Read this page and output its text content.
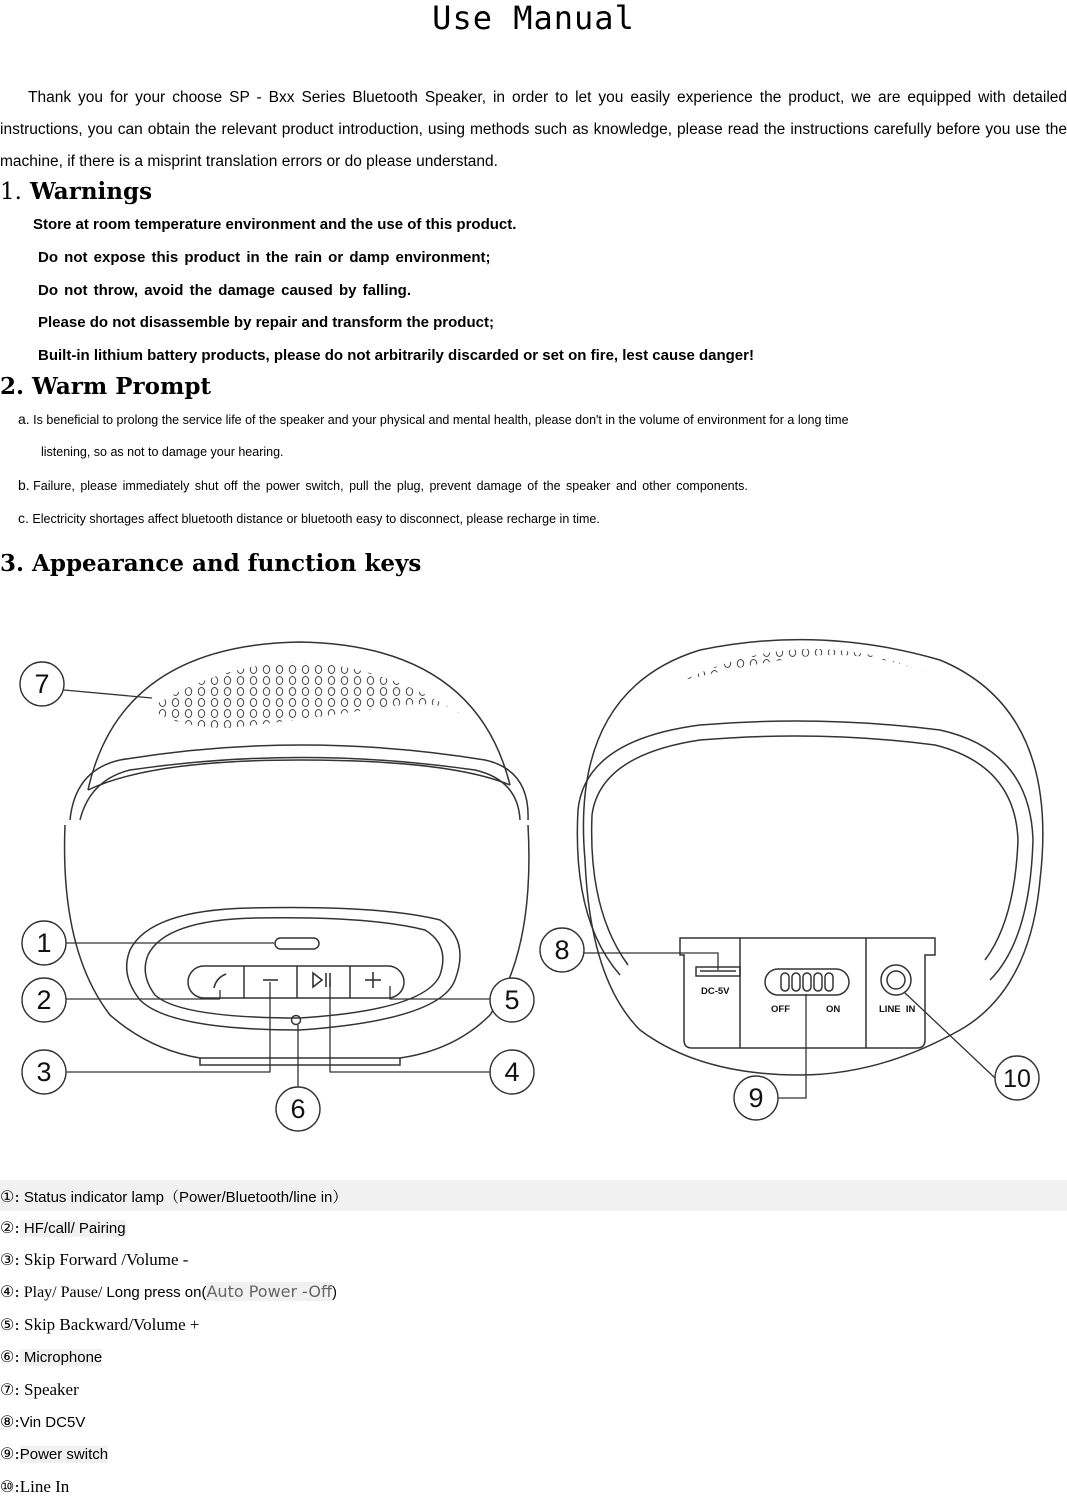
Use Manual
Thank you for your choose SP - Bxx Series Bluetooth Speaker, in order to let you easily experience the product, we are equipped with detailed instructions, you can obtain the relevant product introduction, using methods such as knowledge, please read the instructions carefully before you use the machine, if there is a misprint translation errors or do please understand.
1. Warnings
Store at room temperature environment and the use of this product.
Do not expose this product in the rain or damp environment;
Do not throw, avoid the damage caused by falling.
Please do not disassemble by repair and transform the product;
Built-in lithium battery products, please do not arbitrarily discarded or set on fire, lest cause danger!
2. Warm Prompt
a. Is beneficial to prolong the service life of the speaker and your physical and mental health, please don't in the volume of environment for a long time
listening, so as not to damage your hearing.
b. Failure, please immediately shut off the power switch, pull the plug, prevent damage of the speaker and other components.
c. Electricity shortages affect bluetooth distance or bluetooth easy to disconnect, please recharge in time.
3. Appearance and function keys
DC-5V
OFF	ON	LINE  IN
7
1
2
3	4
5
6
8
9
10
①: Status indicator lamp（Power/Bluetooth/line in）
②: HF/call/ Pairing
③: Skip Forward /Volume -
④: Play/ Pause/ Long press on(Auto Power -Off)
⑤: Skip Backward/Volume +
⑥: Microphone
⑦: Speaker
⑧:Vin DC5V
⑨:Power switch
⑩:Line In
